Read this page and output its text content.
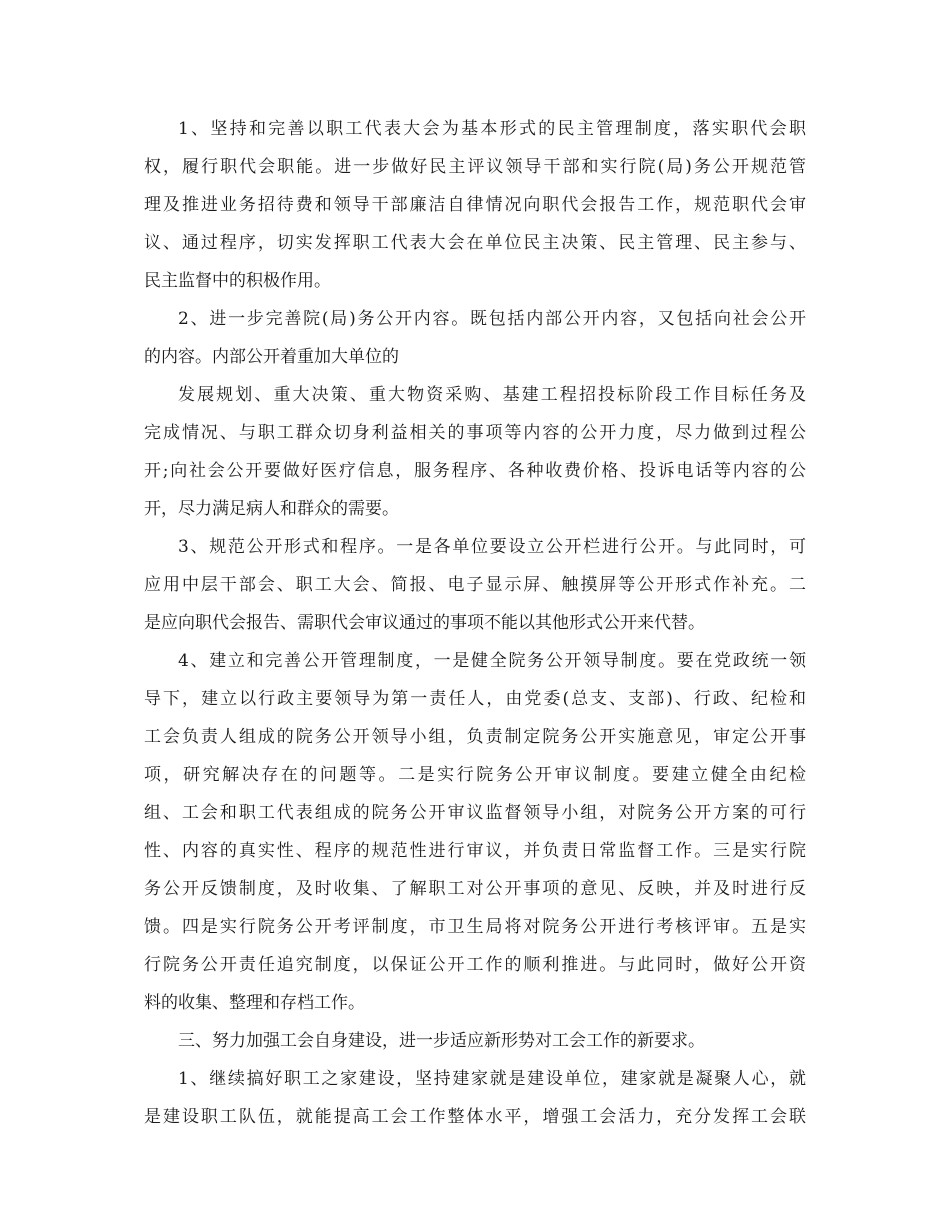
1、坚持和完善以职工代表大会为基本形式的民主管理制度，落实职代会职
权，履行职代会职能。进一步做好民主评议领导干部和实行院(局)务公开规范管
理及推进业务招待费和领导干部廉洁自律情况向职代会报告工作，规范职代会审
议、通过程序，切实发挥职工代表大会在单位民主决策、民主管理、民主参与、
民主监督中的积极作用。
2、进一步完善院(局)务公开内容。既包括内部公开内容，又包括向社会公开
的内容。内部公开着重加大单位的
发展规划、重大决策、重大物资采购、基建工程招投标阶段工作目标任务及
完成情况、与职工群众切身利益相关的事项等内容的公开力度，尽力做到过程公
开;向社会公开要做好医疗信息，服务程序、各种收费价格、投诉电话等内容的公
开，尽力满足病人和群众的需要。
3、规范公开形式和程序。一是各单位要设立公开栏进行公开。与此同时，可
应用中层干部会、职工大会、简报、电子显示屏、触摸屏等公开形式作补充。二
是应向职代会报告、需职代会审议通过的事项不能以其他形式公开来代替。
4、建立和完善公开管理制度，一是健全院务公开领导制度。要在党政统一领
导下，建立以行政主要领导为第一责任人，由党委(总支、支部)、行政、纪检和
工会负责人组成的院务公开领导小组，负责制定院务公开实施意见，审定公开事
项，研究解决存在的问题等。二是实行院务公开审议制度。要建立健全由纪检
组、工会和职工代表组成的院务公开审议监督领导小组，对院务公开方案的可行
性、内容的真实性、程序的规范性进行审议，并负责日常监督工作。三是实行院
务公开反馈制度，及时收集、了解职工对公开事项的意见、反映，并及时进行反
馈。四是实行院务公开考评制度，市卫生局将对院务公开进行考核评审。五是实
行院务公开责任追究制度，以保证公开工作的顺利推进。与此同时，做好公开资
料的收集、整理和存档工作。
三、努力加强工会自身建设，进一步适应新形势对工会工作的新要求。
1、继续搞好职工之家建设，坚持建家就是建设单位，建家就是凝聚人心，就
是建设职工队伍，就能提高工会工作整体水平，增强工会活力，充分发挥工会联
